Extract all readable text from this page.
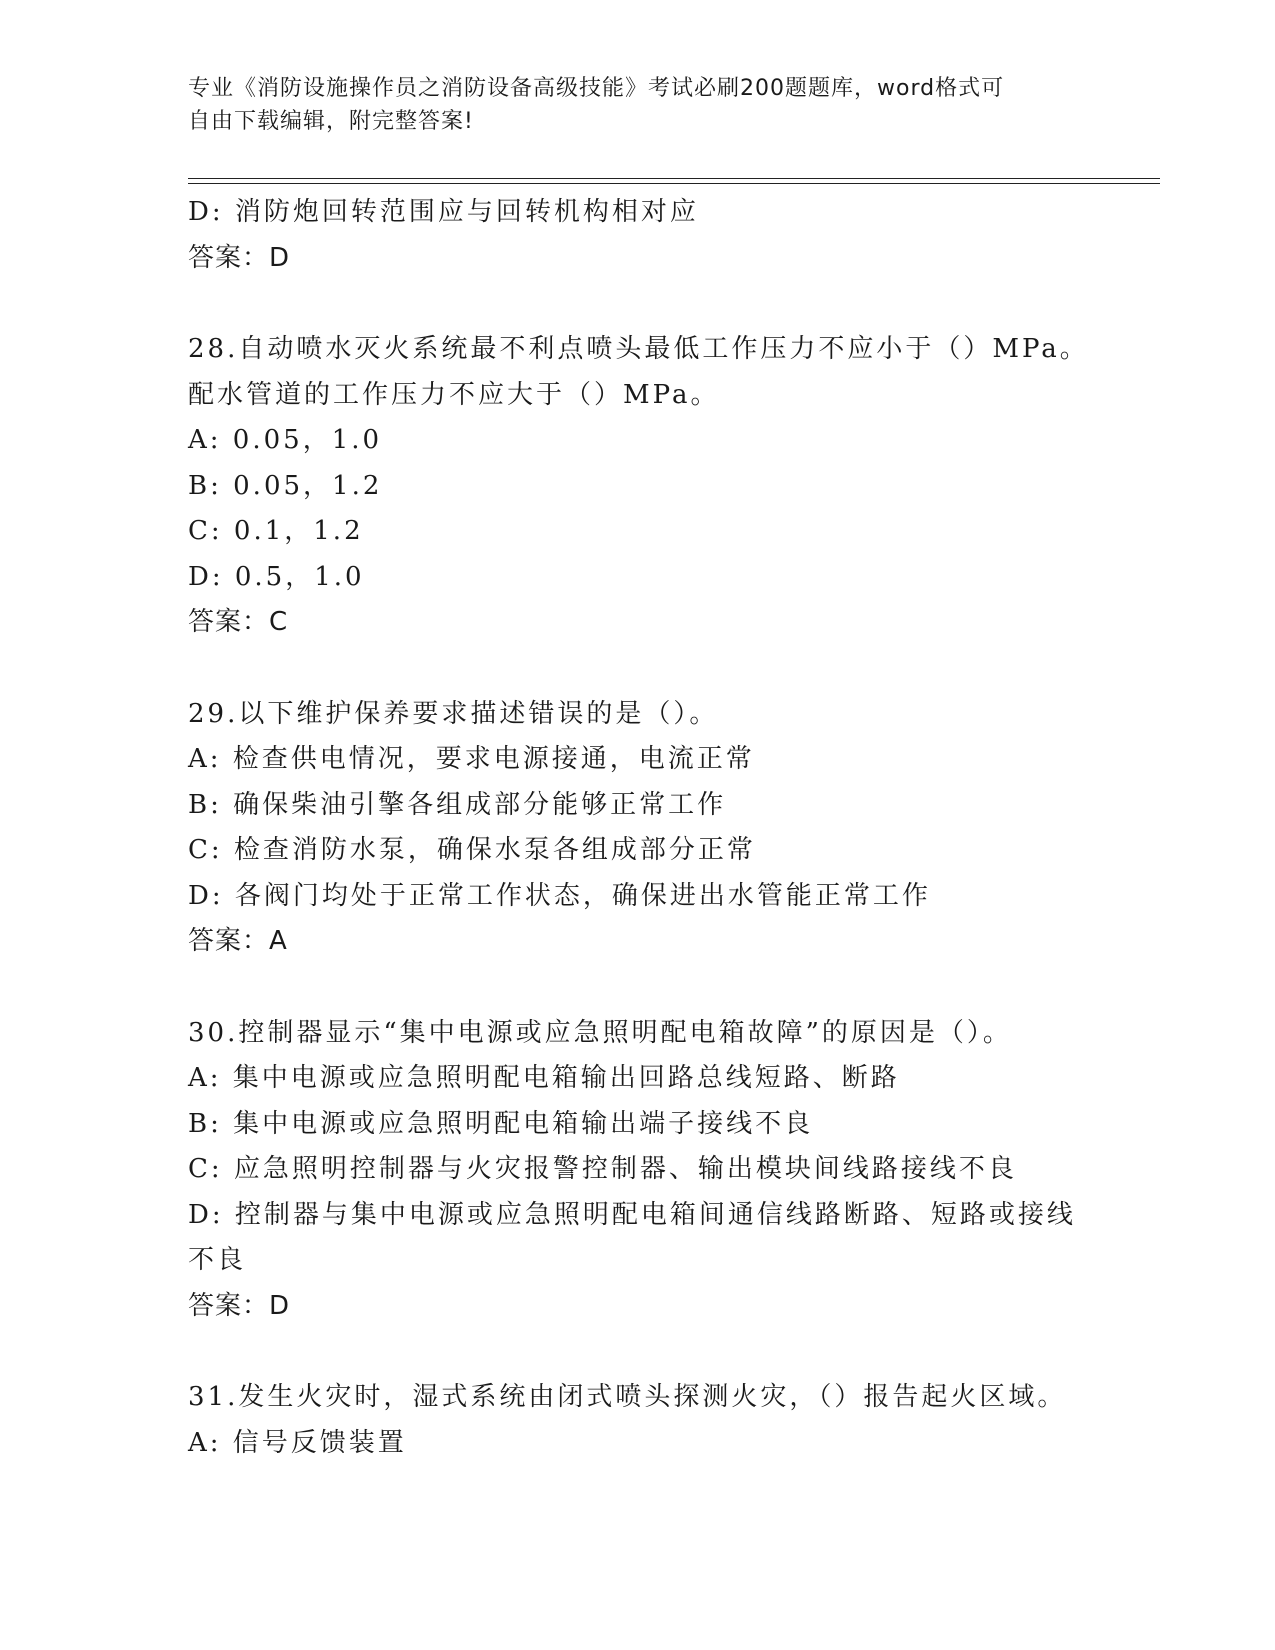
专业《消防设施操作员之消防设备高级技能》考试必刷200题题库，word格式可
自由下载编辑，附完整答案!
D: 消防炮回转范围应与回转机构相对应
答案：D
28.自动喷水灭火系统最不利点喷头最低工作压力不应小于（）MPa。
配水管道的工作压力不应大于（）MPa。
A: 0.05，1.0
B: 0.05，1.2
C: 0.1，1.2
D: 0.5，1.0
答案：C
29.以下维护保养要求描述错误的是（）。
A: 检查供电情况，要求电源接通，电流正常
B: 确保柴油引擎各组成部分能够正常工作
C: 检查消防水泵，确保水泵各组成部分正常
D: 各阀门均处于正常工作状态，确保进出水管能正常工作
答案：A
30.控制器显示“集中电源或应急照明配电箱故障”的原因是（）。
A: 集中电源或应急照明配电箱输出回路总线短路、断路
B: 集中电源或应急照明配电箱输出端子接线不良
C: 应急照明控制器与火灾报警控制器、输出模块间线路接线不良
D: 控制器与集中电源或应急照明配电箱间通信线路断路、短路或接线
不良
答案：D
31.发生火灾时，湿式系统由闭式喷头探测火灾，（）报告起火区域。
A: 信号反馈装置
